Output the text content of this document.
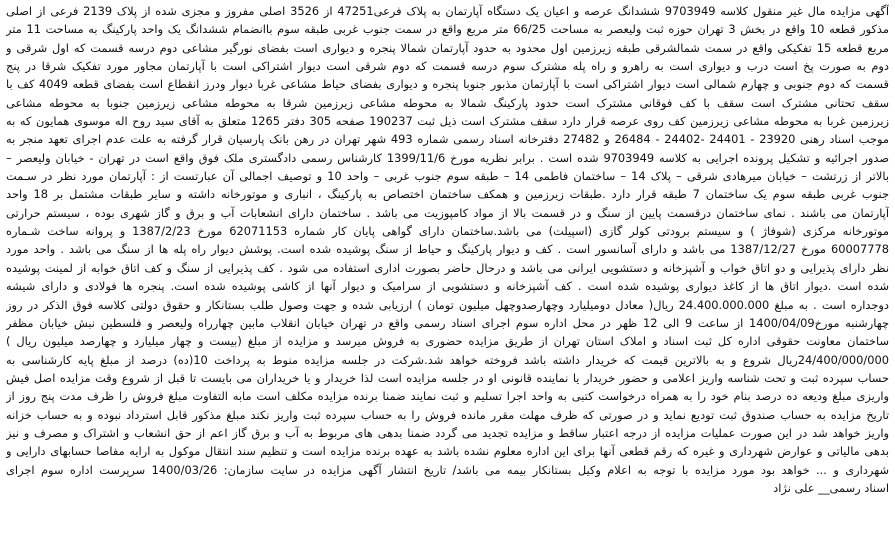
آگهی مزایده مال غیر منقول کلاسه 9703949 ششدانگ عرصه و اعیان یک دستگاه آپارتمان به پلاک فرعی47251 از 3526 اصلی مفروز و مجزی شده از پلاک 2139 فرعی از اصلی
مذکور قطعه 10 واقع در بخش 3 تهران حوزه ثبت ولیعصر به مساحت 66/25 متر مربع واقع در سمت جنوب غربی طبقه سوم باانضمام ششدانگ یک واحد پارکینگ به مساحت 11 متر
مربع قطعه 15 تفکیکی واقع در سمت شمالشرقی طبقه زیرزمین اول محدود به حدود آپارتمان شمالا پنجره و دیواری است بفضای نورگیر مشاعی دوم درسه قسمت که اول شرقی و
دوم به صورت پخ است درب و دیواری است به راهرو و راه پله مشترک سوم درسه قسمت که دوم شرقی است دیوار اشتراکی است با آپارتمان مجاور مورد تفکیک شرقا در پنج
قسمت که دوم جنوبی و چهارم شمالی است دیوار اشتراکی است با آپارتمان مذبور جنوبا پنجره و دیواری بفضای حیاط مشاعی غربا دیوار ودرز انقطاع است بفضای قطعه 4049 کف با
سقف تحتانی مشترک است سقف با کف فوقانی مشترک است حدود پارکینگ شمالا به محوطه مشاعی زیرزمین شرقا به محوطه مشاعی زیرزمین جنوبا به محوطه مشاعی
زیرزمین غربا به محوطه مشاعی زیرزمین کف روی عرصه قرار دارد سقف مشترک است ذیل ثبت 190237 صفحه 305 دفتر 1265 متعلق به آقای سید روح اله موسوی همایون که به
موجب اسناد رهنی 23920 - 24401 -24402 - 26484 و 27482 دفترخانه اسناد رسمی شماره 493 شهر تهران در رهن بانک پارسیان قرار گرفته به علت عدم اجرای تعهد منجر به
صدور اجرائیه و تشکیل پرونده اجرایی به کلاسه 9703949 شده است . برابر نظریه مورخ 1399/11/6 کارشناس رسمی دادگستری ملک فوق واقع است در تهران - خیابان ولیعصر –
بالاتر از زرتشت – خیابان میرهادی شرقی – پلاک 14 – ساختمان فاطمی 14 – طبقه سوم جنوب غربی – واحد 10 و توصیف اجمالی آن عبارتست از : آپارتمان مورد نظر در سـمت
جنوب غربی طبقه سوم یک ساختمان 7 طبقه قرار دارد .طبقات زیرزمین و همکف ساختمان اختصاص به پارکینگ ، انباری و موتورخانه داشته و سایر طبقات مشتمل بر 18 واحد
آپارتمان می باشند . نمای ساختمان درقسمت پایین از سنگ و در قسمت بالا از مواد کامپوزیت می باشد . ساختمان دارای انشعابات آب و برق و گاز شهری بوده ، سیستم حرارتی
موتورخانه مرکزی (شوفاژ ) و سیستم برودتی کولر گازی (اسپیلت) می باشد.ساختمان دارای گواهی پایان کار شماره 62071153 مورخ 1387/2/23 و پروانه ساخت شـماره
60007778 مورخ 1387/12/27 می باشد و دارای آسانسور است . کف و دیوار پارکینگ و حیاط از سنگ پوشیده شده است. پوشش دیوار راه پله ها از سنگ می باشد . واحد مورد
نظر دارای پذیرایی و دو اتاق خواب و آشپزخانه و دستشویی ایرانی می باشد و درحال حاضر بصورت اداری استفاده می شود . کف پذیرایی از سنگ و کف اتاق خوابه از لمینت پوشیده
شده است .دیوار اتاق ها از کاغذ دیواری پوشیده شده است . کف آشپزخانه و دستشویی از سرامیک و دیوار آنها از کاشی پوشیده شده است. پنجره ها فولادی و دارای شیشه
دوجداره است . به مبلغ 24.400.000.000 ریال( معادل دومیلیارد وچهارصدوچهل میلیون تومان ) ارزیابی شده و جهت وصول طلب بستانکار و حقوق دولتی کلاسه فوق الذکر در روز
چهارشنبه مورخ1400/04/09 از ساعت 9 الی 12 ظهر در محل اداره سوم اجرای اسناد رسمی واقع در تهران خیابان انقلاب مابین چهارراه ولیعصر و فلسطین نبش خیابان مظفر
ساختمان معاونت حقوقی اداره کل ثبت اسناد و املاک استان تهران از طریق مزایده حضوری به فروش میرسد و مزایده از مبلغ (بیست و چهار میلیارد و چهارصد میلیون ریال )
24/400/000/000ریال شروع و به بالاترین قیمت که خریدار داشته باشد فروخته خواهد شد.شرکت در جلسه مزایده منوط به پرداخت 10(ده) درصد از مبلغ پایه کارشناسی به
حساب سپرده ثبت و تحت شناسه واریز اعلامی و حضور خریدار یا نماینده قانونی او در جلسه مزایده است لذا خریدار و یا خریداران می بایست تا قبل از شروع وقت مزایده اصل فیش
واریزی مبلغ ودیعه ده درصد بنام خود را به همراه درخواست کتبی به واحد اجرا تسلیم و ثبت نمایند ضمنا برنده مزایده مکلف است مابه التفاوت مبلغ فروش را ظرف مدت پنج روز از
تاریخ مزایده به حساب صندوق ثبت تودیع نماید و در صورتی که ظرف مهلت مقرر مانده فروش را به حساب سپرده ثبت واریز نکند مبلغ مذکور قابل استرداد نبوده و به حساب خزانه
واریز خواهد شد در این صورت عملیات مزایده از درجه اعتبار ساقط و مزایده تجدید می گردد ضمنا بدهی های مربوط به آب و برق گاز اعم از حق انشعاب و اشتراک و مصرف و نیز
بدهی مالیاتی و عوارض شهرداری و غیره که رقم قطعی آنها برای این اداره معلوم نشده باشد به عهده برنده مزایده است و تنظیم سند انتقال موکول به ارایه مفاصا حسابهای دارایی و
شهرداری و ... خواهد بود مورد مزایده با توجه به اعلام وکیل بستانکار بیمه می باشد/ تاریخ انتشار آگهی مزایده در سایت سازمان: 1400/03/26 سرپرست اداره سوم اجرای
اسناد رسمی__ علی نژاد
